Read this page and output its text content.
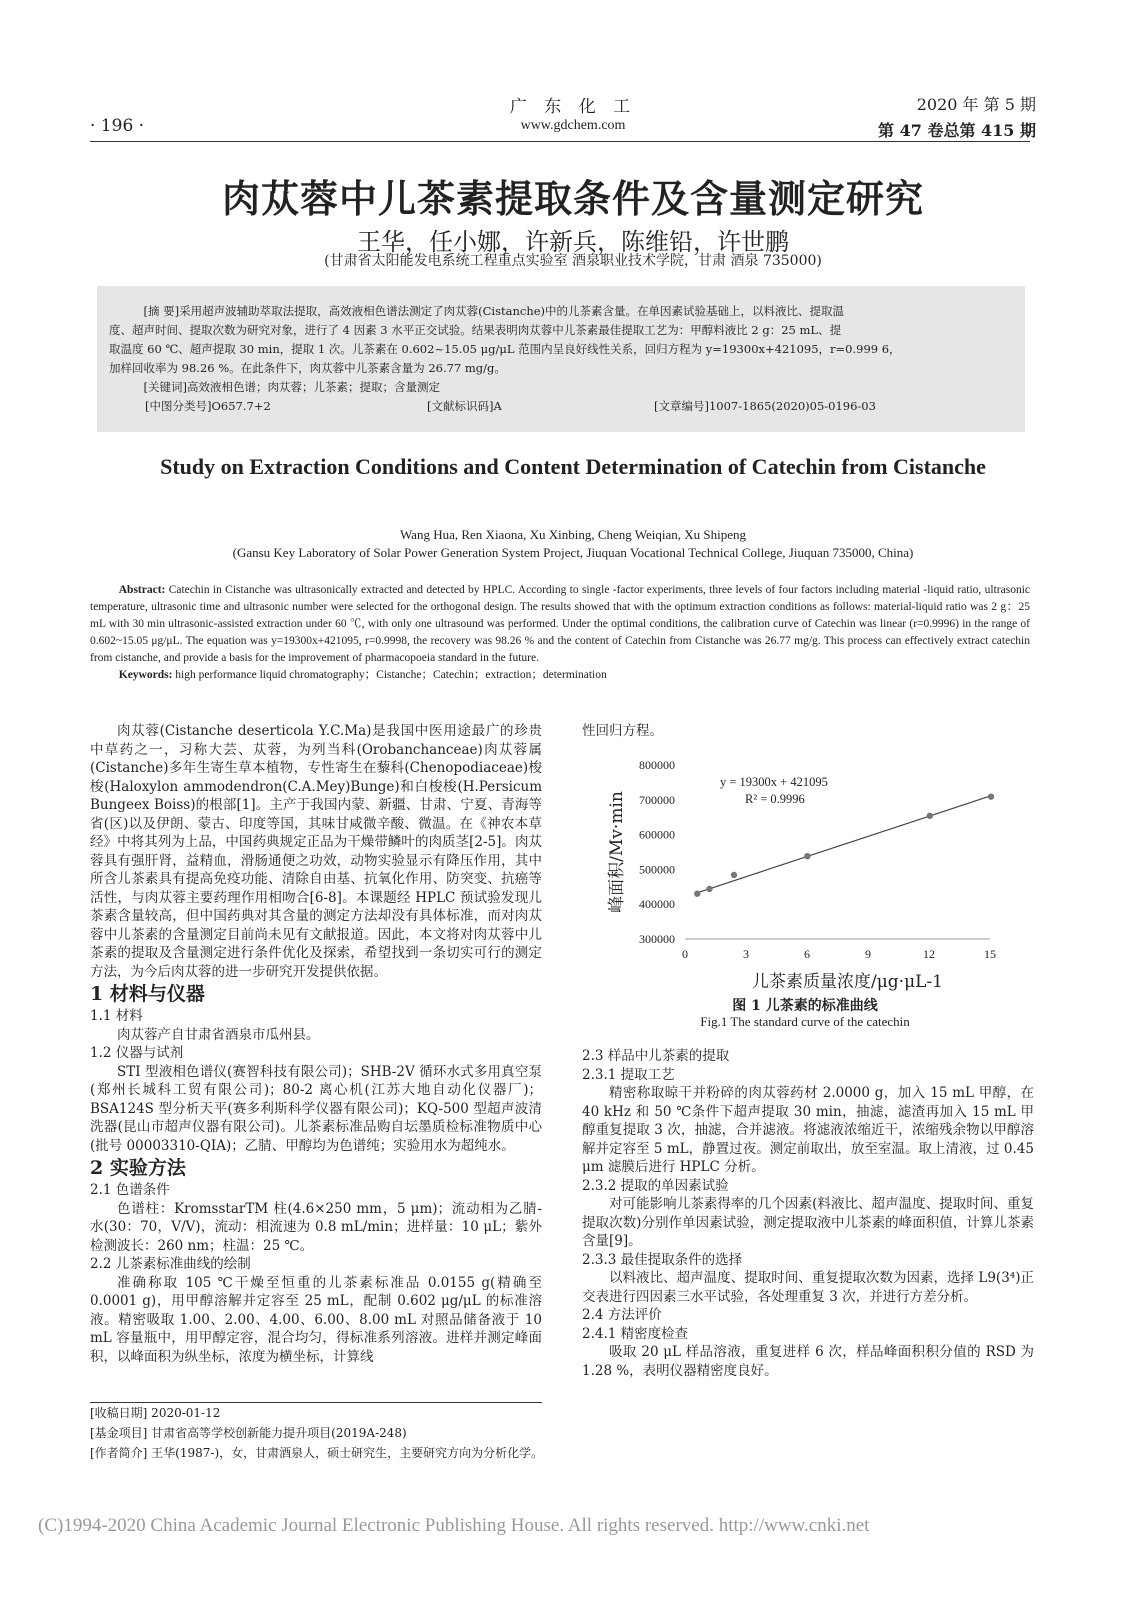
广 东 化 工
www.gdchem.com
· 196 ·
2020 年 第 5 期
第 47 卷总第 415 期
肉苁蓉中儿茶素提取条件及含量测定研究
王华，任小娜，许新兵，陈维铅，许世鹏
(甘肃省太阳能发电系统工程重点实验室 酒泉职业技术学院，甘肃 酒泉 735000)

[摘 要]采用超声波辅助萃取法提取，高效液相色谱法测定了肉苁蓉(Cistanche)中的儿茶素含量。在单因素试验基础上，以料液比、提取温

度、超声时间、提取次数为研究对象，进行了 4 因素 3 水平正交试验。结果表明肉苁蓉中儿茶素最佳提取工艺为：甲醇料液比 2 g：25 mL、提

取温度 60 ℃、超声提取 30 min，提取 1 次。儿茶素在 0.602~15.05 μg/μL 范围内呈良好线性关系，回归方程为 y=19300x+421095，r=0.999 6，

加样回收率为 98.26 %。在此条件下，肉苁蓉中儿茶素含量为 26.77 mg/g。

[关键词]高效液相色谱；肉苁蓉；儿茶素；提取；含量测定

[中图分类号]O657.7+2	[文献标识码]A	[文章编号]1007-1865(2020)05-0196-03

Study on Extraction Conditions and Content Determination of Catechin from Cistanche
Wang Hua, Ren Xiaona, Xu Xinbing, Cheng Weiqian, Xu Shipeng
(Gansu Key Laboratory of Solar Power Generation System Project, Jiuquan Vocational Technical College, Jiuquan 735000, China)

Abstract: Catechin in Cistanche was ultrasonically extracted and detected by HPLC. According to single -factor experiments, three levels of four factors including material -liquid ratio, ultrasonic temperature, ultrasonic time and ultrasonic number were selected for the orthogonal design. The results showed that with the optimum extraction conditions as follows: material-liquid ratio was 2 g：25 mL with 30 min ultrasonic-assisted extraction under 60 ℃, with only one ultrasound was performed. Under the optimal conditions, the calibration curve of Catechin was linear (r=0.9996) in the range of 0.602~15.05 μg/μL. The equation was y=19300x+421095, r=0.9998, the recovery was 98.26 % and the content of Catechin from Cistanche was 26.77 mg/g. This process can effectively extract catechin from cistanche, and provide a basis for the improvement of pharmacopoeia standard in the future.

Keywords: high performance liquid chromatography；Cistanche；Catechin；extraction；determination

肉苁蓉(Cistanche deserticola Y.C.Ma)是我国中医用途最广的珍贵中草药之一，习称大芸、苁蓉，为列当科(Orobanchanceae)肉苁蓉属(Cistanche)多年生寄生草本植物，专性寄生在藜科(Chenopodiaceae)梭梭(Haloxylon ammodendron(C.A.Mey)Bunge)和白梭梭(H.Persicum Bungeex Boiss)的根部[1]。主产于我国内蒙、新疆、甘肃、宁夏、青海等省(区)以及伊朗、蒙古、印度等国，其味甘咸微辛酸、微温。在《神农本草经》中将其列为上品，中国药典规定正品为干燥带鳞叶的肉质茎[2-5]。肉苁蓉具有强肝肾，益精血，滑肠通便之功效，动物实验显示有降压作用，其中所含儿茶素具有提高免疫功能、清除自由基、抗氧化作用、防突变、抗癌等活性，与肉苁蓉主要药理作用相吻合[6-8]。本课题经 HPLC 预试验发现儿茶素含量较高，但中国药典对其含量的测定方法却没有具体标准，而对肉苁蓉中儿茶素的含量测定目前尚未见有文献报道。因此，本文将对肉苁蓉中儿茶素的提取及含量测定进行条件优化及探索，希望找到一条切实可行的测定方法，为今后肉苁蓉的进一步研究开发提供依据。

1 材料与仪器

1.1 材料

肉苁蓉产自甘肃省酒泉市瓜州县。

1.2 仪器与试剂

STI 型液相色谱仪(赛智科技有限公司)；SHB-2V 循环水式多用真空泵(郑州长城科工贸有限公司)；80-2 离心机(江苏大地自动化仪器厂)；BSA124S 型分析天平(赛多利斯科学仪器有限公司)；KQ-500 型超声波清洗器(昆山市超声仪器有限公司)。儿茶素标准品购自坛墨质检标准物质中心(批号 00003310-QIA)；乙腈、甲醇均为色谱纯；实验用水为超纯水。

2 实验方法

2.1 色谱条件

色谱柱：KromsstarTM 柱(4.6×250 mm，5 μm)；流动相为乙腈-水(30：70，V/V)，流动：相流速为 0.8 mL/min；进样量：10 μL；紫外检测波长：260 nm；柱温：25 ℃。

2.2 儿茶素标准曲线的绘制

准确称取 105 ℃干燥至恒重的儿茶素标准品 0.0155 g(精确至 0.0001 g)，用甲醇溶解并定容至 25 mL，配制 0.602 μg/μL 的标准溶液。精密吸取 1.00、2.00、4.00、6.00、8.00 mL 对照品储备液于 10 mL 容量瓶中，用甲醇定容，混合均匀，得标准系列溶液。进样并测定峰面积，以峰面积为纵坐标，浓度为横坐标，计算线

性回归方程。

300000
400000
500000
600000
700000
800000
0	3	6	9	12	15
y = 19300x + 421095
R² = 0.9996
儿茶素质量浓度/μg·μL-1
峰面积/Mv·min
图 1 儿茶素的标准曲线
Fig.1 The standard curve of the catechin

2.3 样品中儿茶素的提取

2.3.1 提取工艺

精密称取晾干并粉碎的肉苁蓉药材 2.0000 g，加入 15 mL 甲醇，在 40 kHz 和 50 ℃条件下超声提取 30 min，抽滤，滤渣再加入 15 mL 甲醇重复提取 3 次，抽滤，合并滤液。将滤液浓缩近干，浓缩残余物以甲醇溶解并定容至 5 mL，静置过夜。测定前取出，放至室温。取上清液，过 0.45 μm 滤膜后进行 HPLC 分析。

2.3.2 提取的单因素试验

对可能影响儿茶素得率的几个因素(料液比、超声温度、提取时间、重复提取次数)分别作单因素试验，测定提取液中儿茶素的峰面积值，计算儿茶素含量[9]。

2.3.3 最佳提取条件的选择

以料液比、超声温度、提取时间、重复提取次数为因素，选择 L9(3⁴)正交表进行四因素三水平试验，各处理重复 3 次，并进行方差分析。

2.4 方法评价

2.4.1 精密度检查

吸取 20 μL 样品溶液，重复进样 6 次，样品峰面积积分值的 RSD 为 1.28 %，表明仪器精密度良好。

[收稿日期] 2020-01-12
[基金项目] 甘肃省高等学校创新能力提升项目(2019A-248)
[作者简介] 王华(1987-)，女，甘肃酒泉人，硕士研究生，主要研究方向为分析化学。
(C)1994-2020 China Academic Journal Electronic Publishing House. All rights reserved. http://www.cnki.net
